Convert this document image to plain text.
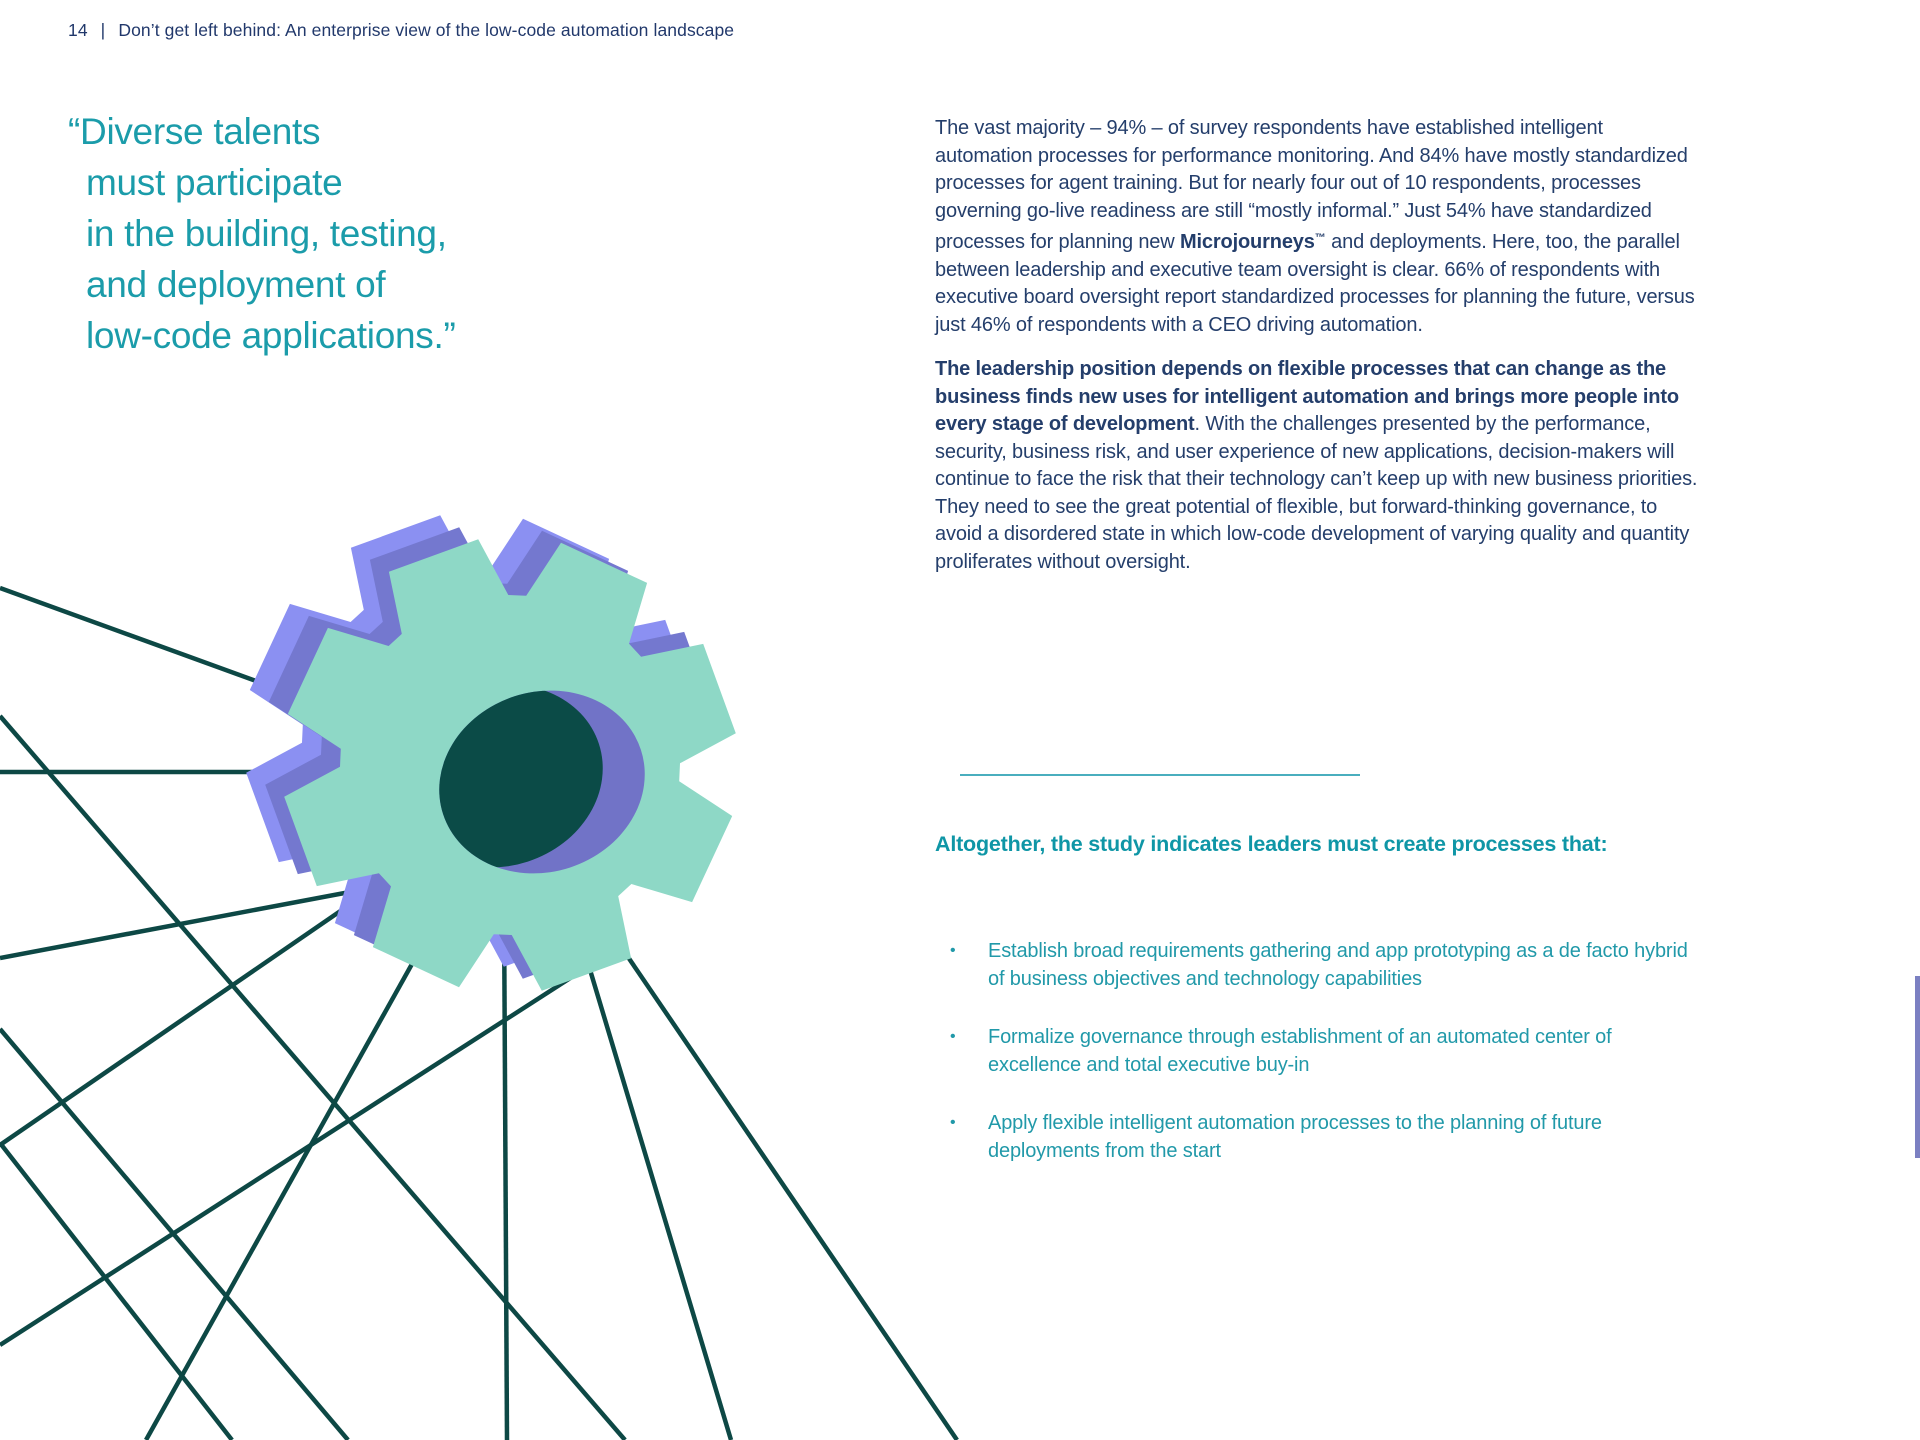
14 | Don’t get left behind: An enterprise view of the low-code automation landscape
“Diverse talents
must participate
in the building, testing,
and deployment of
low-code applications.”

The vast majority – 94% – of survey respondents have established intelligent automation processes for performance monitoring. And 84% have mostly standardized processes for agent training. But for nearly four out of 10 respondents, processes governing go-live readiness are still “mostly informal.” Just 54% have standardized processes for planning new Microjourneys™ and deployments. Here, too, the parallel between leadership and executive team oversight is clear. 66% of respondents with executive board oversight report standardized processes for planning the future, versus just 46% of respondents with a CEO driving automation.

The leadership position depends on flexible processes that can change as the business finds new uses for intelligent automation and brings more people into every stage of development. With the challenges presented by the performance, security, business risk, and user experience of new applications, decision-makers will continue to face the risk that their technology can’t keep up with new business priorities. They need to see the great potential of flexible, but forward-thinking governance, to avoid a disordered state in which low-code development of varying quality and quantity proliferates without oversight.

Altogether, the study indicates leaders must create processes that:
•	Establish broad requirements gathering and app prototyping as a de facto hybrid of business objectives and technology capabilities
•	Formalize governance through establishment of an automated center of excellence and total executive buy-in
•	Apply flexible intelligent automation processes to the planning of future deployments from the start
